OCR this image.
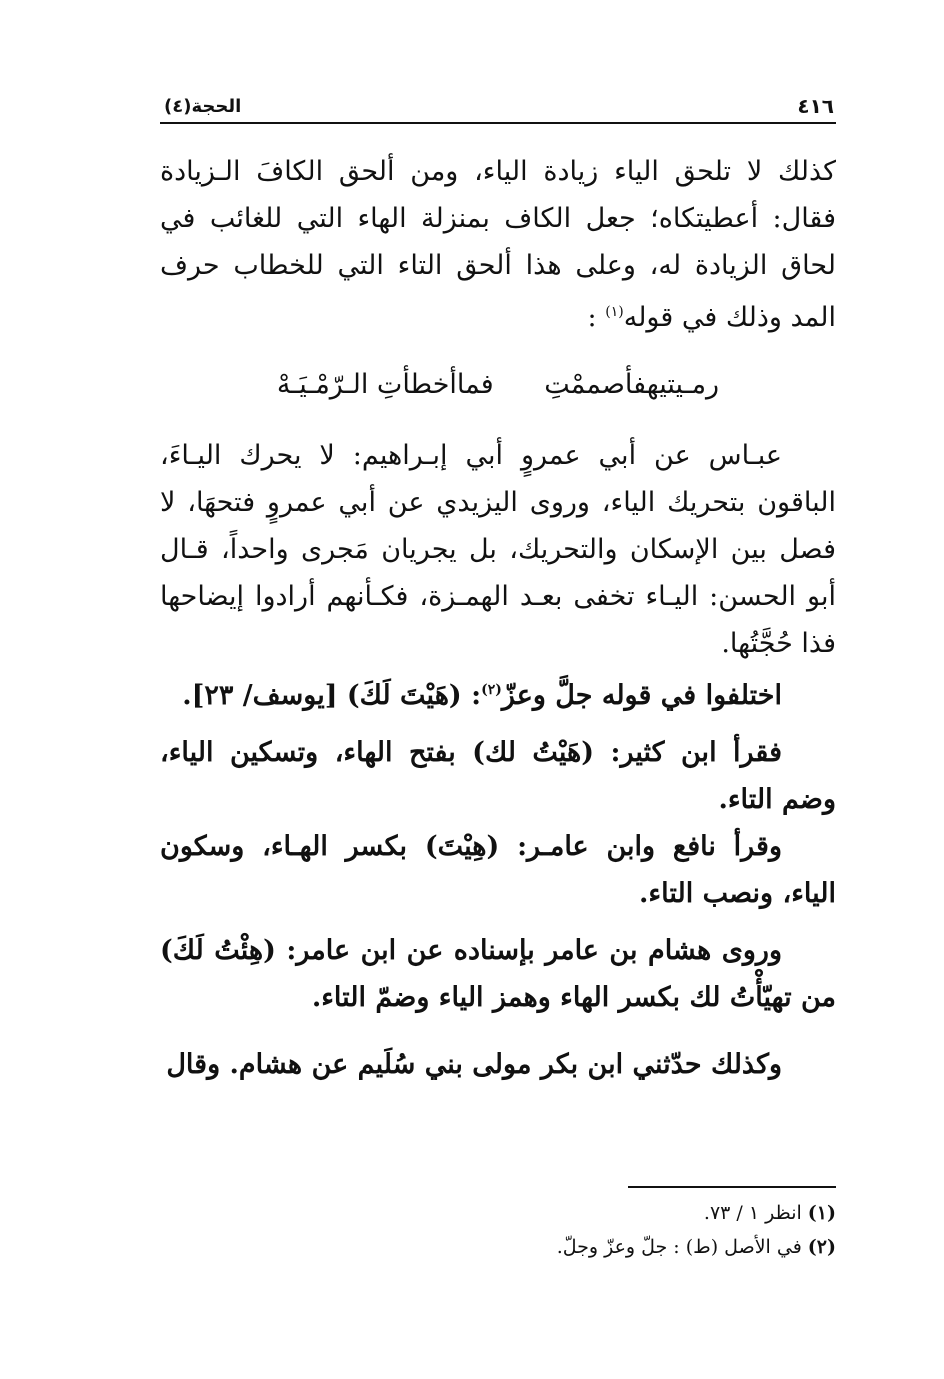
٤١٦
الحجة(٤)

كذلك لا تلحق الياء زيادة الياء، ومن ألحق الكافَ الـزيادة فقال: أعطيتكاه؛ جعل الكاف بمنزلة الهاء التي للغائب في لحاق الزيادة له، وعلى هذا ألحق التاء التي للخطاب حرف المد وذلك في قوله$^{(١)}$ :

رمـيتيهفأصممْتِ فماأخطأتِ الـرّمْـيَـهْ

عبـاس عن أبي عمروٍ أبي إبـراهيم: لا يحرك اليـاءَ، الباقون بتحريك الياء، وروى اليزيدي عن أبي عمروٍ فتحهَا، لا فصل بين الإسكان والتحريك، بل يجريان مَجرى واحداً، قـال أبو الحسن: اليـاء تخفى بعـد الهمـزة، فكـأنهم أرادوا إيضاحها فذا حُجَّتُها.

اختلفوا في قوله جلَّ وعزّ$^{(٢)}$: (هَيْتَ لَكَ) [يوسف/ ٢٣].

فقرأ ابن كثير: (هَيْتُ لك) بفتح الهاء، وتسكين الياء، وضم التاء.

وقرأ نافع وابن عامـر: (هِيْتَ) بكسر الهـاء، وسكون الياء، ونصب التاء.

وروى هشام بن عامر بإسناده عن ابن عامر: (هِئْتُ لَكَ) من تهيّأْتُ لك بكسر الهاء وهمز الياء وضمّ التاء.

وكذلك حدّثني ابن بكر مولى بني سُلَيم عن هشام. وقال

(١)انظر ١ / ٧٣.
(٢)في الأصل (ط) : جلّ وعزّ وجلّ.
